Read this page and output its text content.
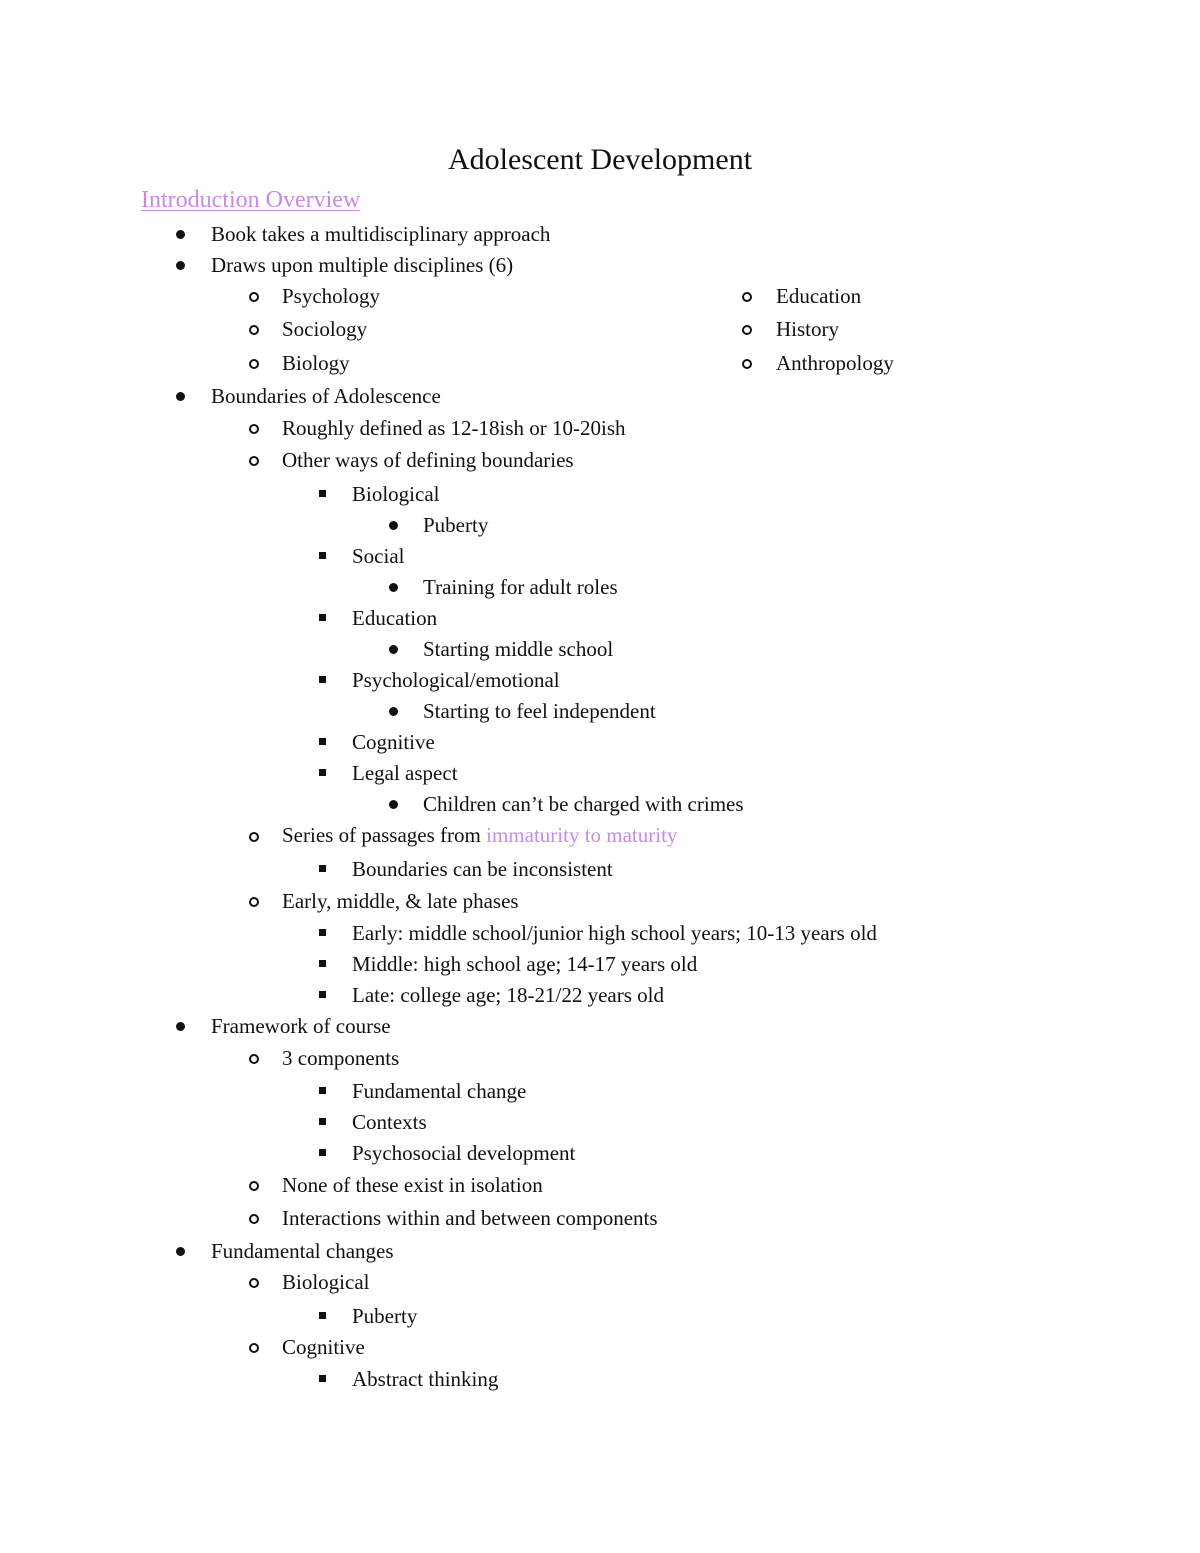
Adolescent Development
Introduction Overview
Book takes a multidisciplinary approach
Draws upon multiple disciplines (6)
Psychology
Sociology
Biology
Education
History
Anthropology
Boundaries of Adolescence
Roughly defined as 12-18ish or 10-20ish
Other ways of defining boundaries
Biological
Puberty
Social
Training for adult roles
Education
Starting middle school
Psychological/emotional
Starting to feel independent
Cognitive
Legal aspect
Children can’t be charged with crimes
Series of passages from immaturity to maturity
Boundaries can be inconsistent
Early, middle, & late phases
Early: middle school/junior high school years; 10-13 years old
Middle: high school age; 14-17 years old
Late: college age; 18-21/22 years old
Framework of course
3 components
Fundamental change
Contexts
Psychosocial development
None of these exist in isolation
Interactions within and between components
Fundamental changes
Biological
Puberty
Cognitive
Abstract thinking
